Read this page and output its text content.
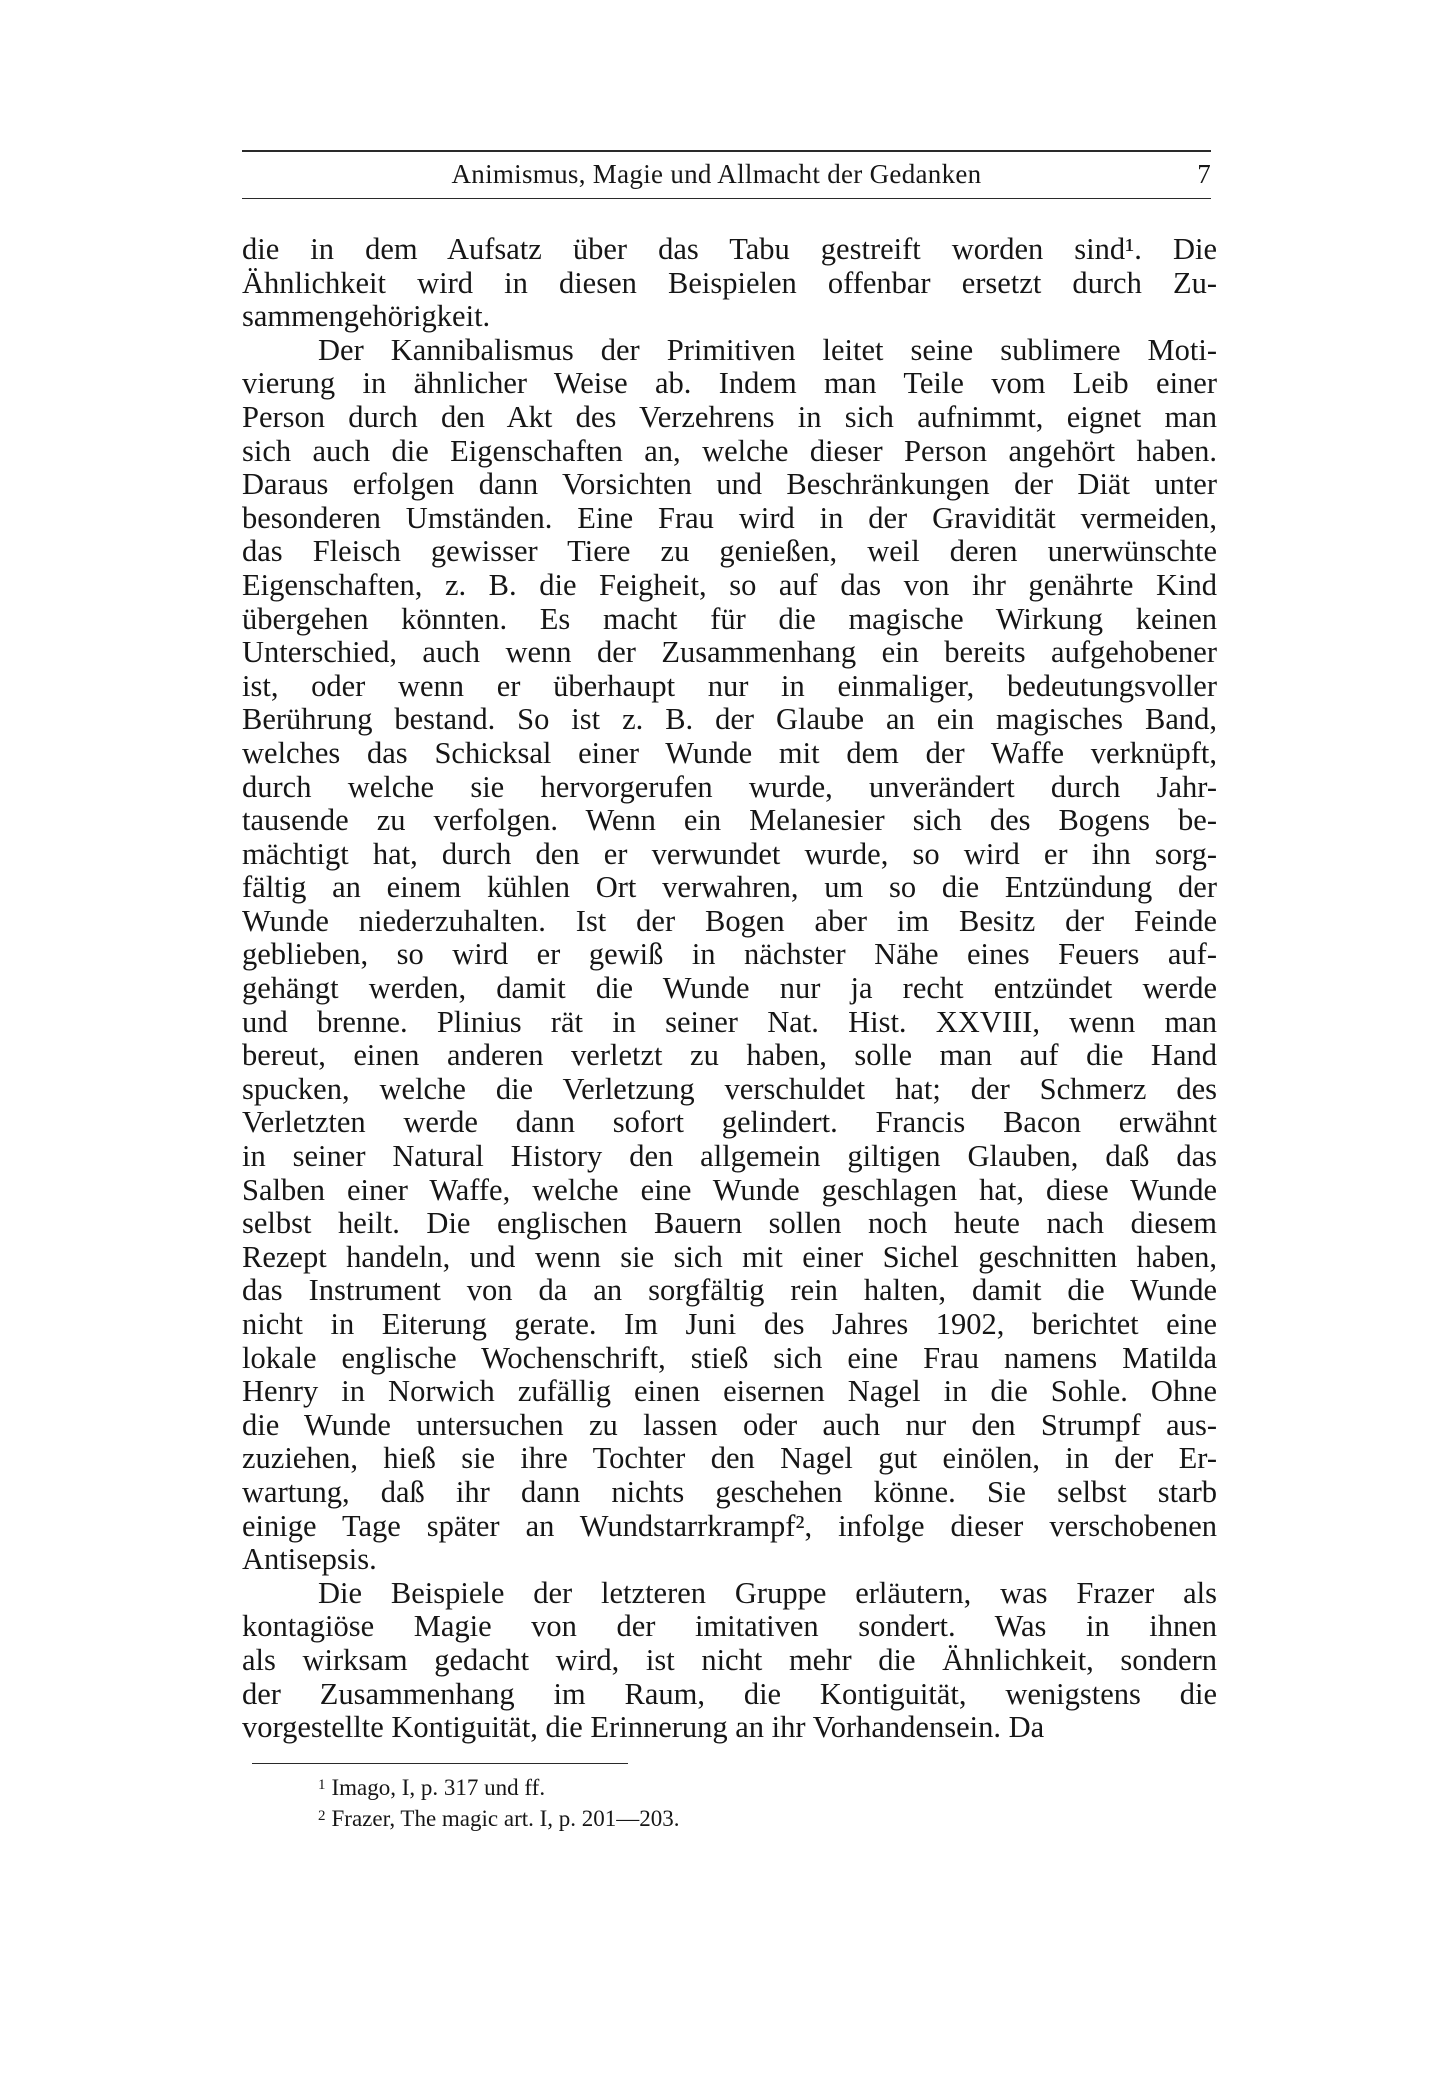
Animismus, Magie und Allmacht der Gedanken	7
die in dem Aufsatz über das Tabu gestreift worden sind¹. Die
Ähnlichkeit wird in diesen Beispielen offenbar ersetzt durch Zu-
sammengehörigkeit.
Der Kannibalismus der Primitiven leitet seine sublimere Moti-
vierung in ähnlicher Weise ab. Indem man Teile vom Leib einer
Person durch den Akt des Verzehrens in sich aufnimmt, eignet man
sich auch die Eigenschaften an, welche dieser Person angehört haben.
Daraus erfolgen dann Vorsichten und Beschränkungen der Diät unter
besonderen Umständen. Eine Frau wird in der Gravidität vermeiden,
das Fleisch gewisser Tiere zu genießen, weil deren unerwünschte
Eigenschaften, z. B. die Feigheit, so auf das von ihr genährte Kind
übergehen könnten. Es macht für die magische Wirkung keinen
Unterschied, auch wenn der Zusammenhang ein bereits aufgehobener
ist, oder wenn er überhaupt nur in einmaliger, bedeutungsvoller
Berührung bestand. So ist z. B. der Glaube an ein magisches Band,
welches das Schicksal einer Wunde mit dem der Waffe verknüpft,
durch welche sie hervorgerufen wurde, unverändert durch Jahr-
tausende zu verfolgen. Wenn ein Melanesier sich des Bogens be-
mächtigt hat, durch den er verwundet wurde, so wird er ihn sorg-
fältig an einem kühlen Ort verwahren, um so die Entzündung der
Wunde niederzuhalten. Ist der Bogen aber im Besitz der Feinde
geblieben, so wird er gewiß in nächster Nähe eines Feuers auf-
gehängt werden, damit die Wunde nur ja recht entzündet werde
und brenne. Plinius rät in seiner Nat. Hist. XXVIII, wenn man
bereut, einen anderen verletzt zu haben, solle man auf die Hand
spucken, welche die Verletzung verschuldet hat; der Schmerz des
Verletzten werde dann sofort gelindert. Francis Bacon erwähnt
in seiner Natural History den allgemein giltigen Glauben, daß das
Salben einer Waffe, welche eine Wunde geschlagen hat, diese Wunde
selbst heilt. Die englischen Bauern sollen noch heute nach diesem
Rezept handeln, und wenn sie sich mit einer Sichel geschnitten haben,
das Instrument von da an sorgfältig rein halten, damit die Wunde
nicht in Eiterung gerate. Im Juni des Jahres 1902, berichtet eine
lokale englische Wochenschrift, stieß sich eine Frau namens Matilda
Henry in Norwich zufällig einen eisernen Nagel in die Sohle. Ohne
die Wunde untersuchen zu lassen oder auch nur den Strumpf aus-
zuziehen, hieß sie ihre Tochter den Nagel gut einölen, in der Er-
wartung, daß ihr dann nichts geschehen könne. Sie selbst starb
einige Tage später an Wundstarrkrampf², infolge dieser verschobenen
Antisepsis.
Die Beispiele der letzteren Gruppe erläutern, was Frazer als
kontagiöse Magie von der imitativen sondert. Was in ihnen
als wirksam gedacht wird, ist nicht mehr die Ähnlichkeit, sondern
der Zusammenhang im Raum, die Kontiguität, wenigstens die
vorgestellte Kontiguität, die Erinnerung an ihr Vorhandensein. Da
$^1$ Imago, I, p. 317 und ff.
$^2$ Frazer, The magic art. I, p. 201—203.
